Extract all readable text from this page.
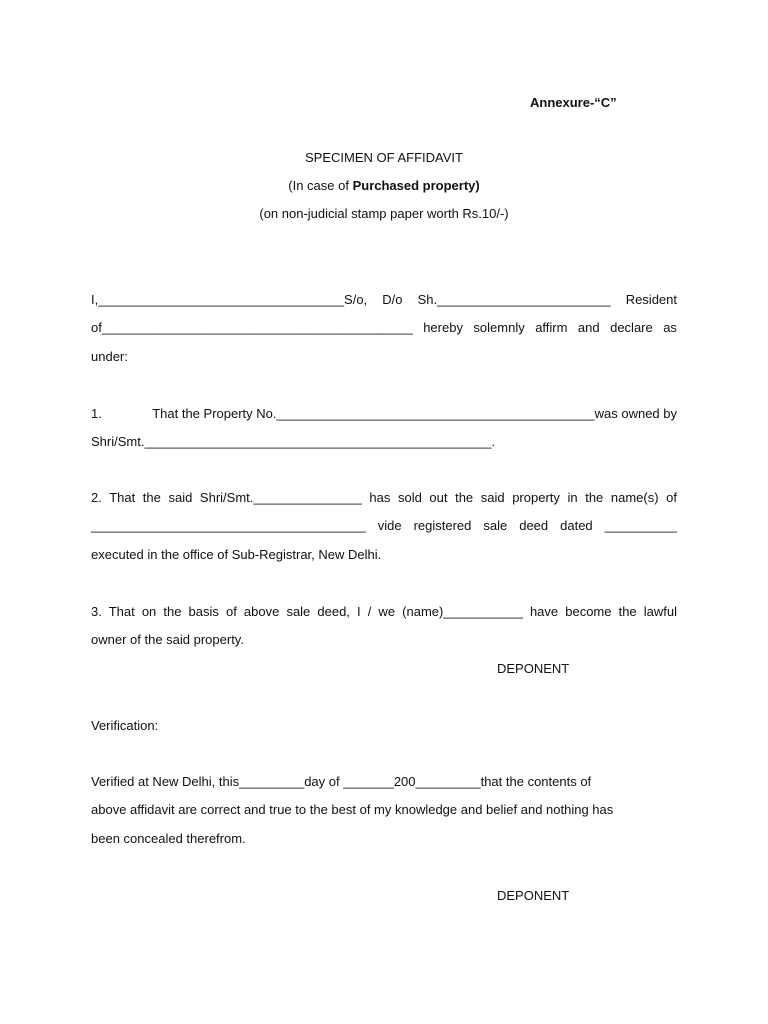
Annexure-“C”
SPECIMEN OF AFFIDAVIT
(In case of Purchased property)
(on non-judicial stamp paper worth Rs.10/-)
I,__________________________________S/o, D/o Sh.________________________ Resident
of___________________________________________ hereby solemnly affirm and declare as
under:
1.	That the Property No.____________________________________________was owned by
Shri/Smt.________________________________________________.
2. That the said Shri/Smt._______________ has sold out the said property in the name(s) of
______________________________________ vide registered sale deed dated __________
executed in the office of Sub-Registrar, New Delhi.
3. That on the basis of above sale deed, I / we (name)___________ have become the lawful
owner of the said property.
DEPONENT
Verification:
Verified at New Delhi, this_________day of _______200_________that the contents of
above affidavit are correct and true to the best of my knowledge and belief and nothing has
been concealed therefrom.
DEPONENT
